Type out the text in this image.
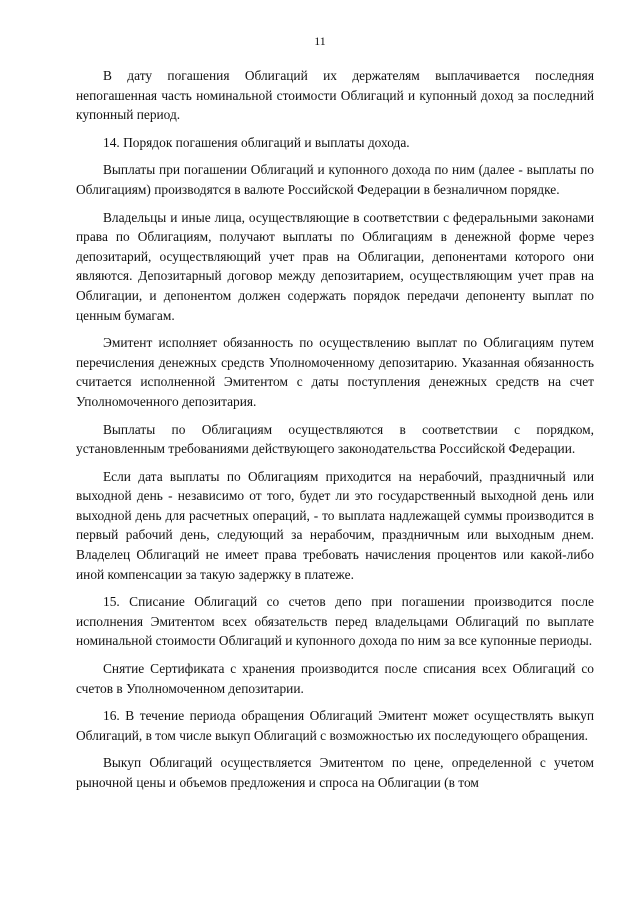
11

В дату погашения Облигаций их держателям выплачивается последняя непогашенная часть номинальной стоимости Облигаций и купонный доход за последний купонный период.

14. Порядок погашения облигаций и выплаты дохода.

Выплаты при погашении Облигаций и купонного дохода по ним (далее - выплаты по Облигациям) производятся в валюте Российской Федерации в безналичном порядке.

Владельцы и иные лица, осуществляющие в соответствии с федеральными законами права по Облигациям, получают выплаты по Облигациям в денежной форме через депозитарий, осуществляющий учет прав на Облигации, депонентами которого они являются. Депозитарный договор между депозитарием, осуществляющим учет прав на Облигации, и депонентом должен содержать порядок передачи депоненту выплат по ценным бумагам.

Эмитент исполняет обязанность по осуществлению выплат по Облигациям путем перечисления денежных средств Уполномоченному депозитарию. Указанная обязанность считается исполненной Эмитентом с даты поступления денежных средств на счет Уполномоченного депозитария.

Выплаты по Облигациям осуществляются в соответствии с порядком, установленным требованиями действующего законодательства Российской Федерации.

Если дата выплаты по Облигациям приходится на нерабочий, праздничный или выходной день - независимо от того, будет ли это государственный выходной день или выходной день для расчетных операций, - то выплата надлежащей суммы производится в первый рабочий день, следующий за нерабочим, праздничным или выходным днем. Владелец Облигаций не имеет права требовать начисления процентов или какой-либо иной компенсации за такую задержку в платеже.

15. Списание Облигаций со счетов депо при погашении производится после исполнения Эмитентом всех обязательств перед владельцами Облигаций по выплате номинальной стоимости Облигаций и купонного дохода по ним за все купонные периоды.

Снятие Сертификата с хранения производится после списания всех Облигаций со счетов в Уполномоченном депозитарии.

16. В течение периода обращения Облигаций Эмитент может осуществлять выкуп Облигаций, в том числе выкуп Облигаций с возможностью их последующего обращения.

Выкуп Облигаций осуществляется Эмитентом по цене, определенной с учетом рыночной цены и объемов предложения и спроса на Облигации (в том
